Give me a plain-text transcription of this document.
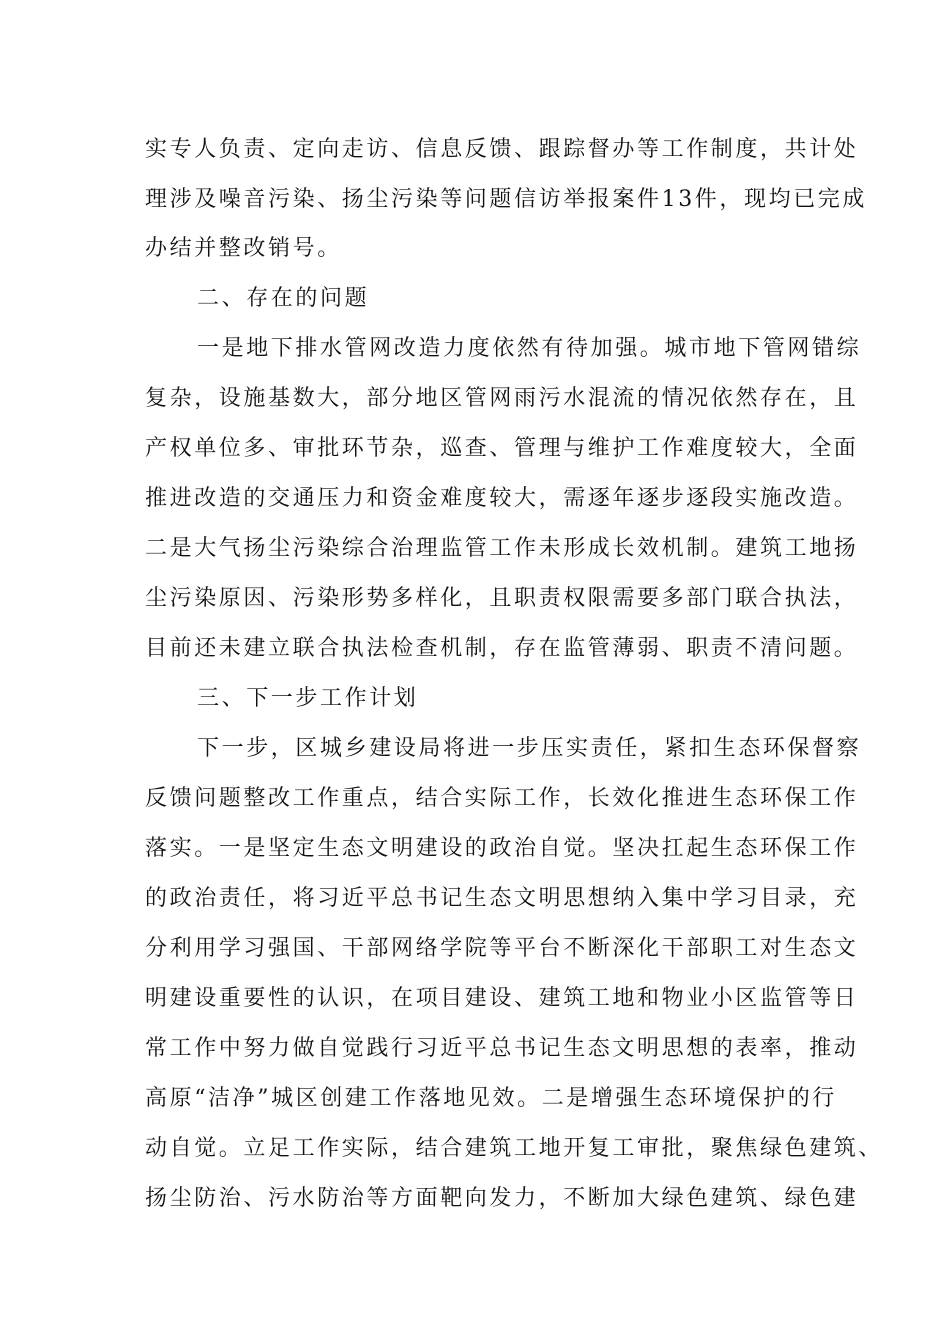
实专人负责、定向走访、信息反馈、跟踪督办等工作制度，共计处

理涉及噪音污染、扬尘污染等问题信访举报案件13件，现均已完成

办结并整改销号。

二、存在的问题

一是地下排水管网改造力度依然有待加强。城市地下管网错综

复杂，设施基数大，部分地区管网雨污水混流的情况依然存在，且

产权单位多、审批环节杂，巡查、管理与维护工作难度较大，全面

推进改造的交通压力和资金难度较大，需逐年逐步逐段实施改造。

二是大气扬尘污染综合治理监管工作未形成长效机制。建筑工地扬

尘污染原因、污染形势多样化，且职责权限需要多部门联合执法，

目前还未建立联合执法检查机制，存在监管薄弱、职责不清问题。

三、下一步工作计划

下一步，区城乡建设局将进一步压实责任，紧扣生态环保督察

反馈问题整改工作重点，结合实际工作，长效化推进生态环保工作

落实。一是坚定生态文明建设的政治自觉。坚决扛起生态环保工作

的政治责任，将习近平总书记生态文明思想纳入集中学习目录，充

分利用学习强国、干部网络学院等平台不断深化干部职工对生态文

明建设重要性的认识，在项目建设、建筑工地和物业小区监管等日

常工作中努力做自觉践行习近平总书记生态文明思想的表率，推动

高原“洁净”城区创建工作落地见效。二是增强生态环境保护的行

动自觉。立足工作实际，结合建筑工地开复工审批，聚焦绿色建筑、

扬尘防治、污水防治等方面靶向发力，不断加大绿色建筑、绿色建
